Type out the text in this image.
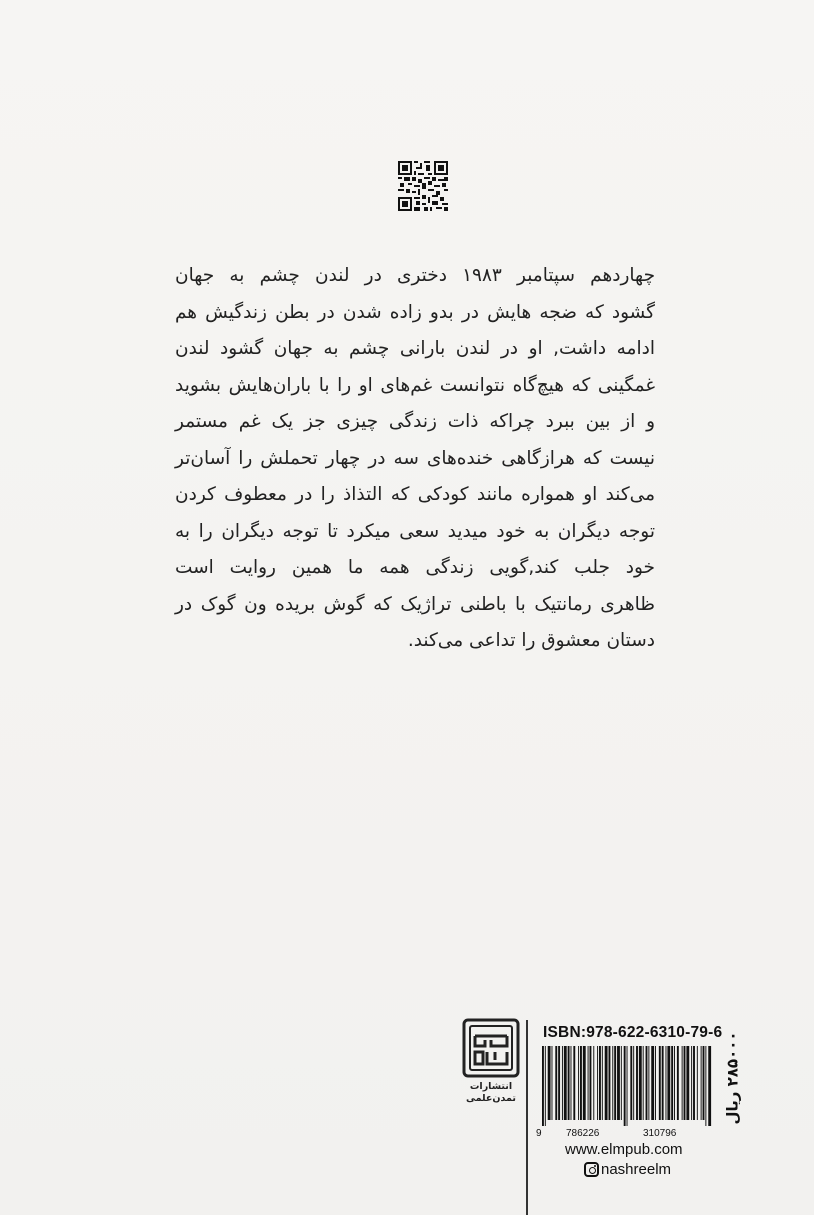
چهاردهم سپتامبر ۱۹۸۳ دختری در لندن چشم به جهان
گشود که ضجه هایش در بدو زاده شدن در بطن زندگیش هم
ادامه داشت, او در لندن بارانی چشم به جهان گشود لندن
غمگینی که هیچ‌گاه نتوانست غم‌های او را با باران‌هایش بشوید
و از بین ببرد چراکه ذات زندگی چیزی جز یک غم مستمر
نیست که هرازگاهی خنده‌های سه در چهار تحملش را آسان‌تر
می‌کند او همواره مانند کودکی که التذاذ را در معطوف کردن
توجه دیگران به خود میدید سعی میکرد تا توجه دیگران را به
خود جلب کند,گویی زندگی همه ما همین روایت است
ظاهری رمانتیک با باطنی تراژیک که گوش بریده ون گوک در
دستان معشوق را تداعی می‌کند.
انتشارات
تمدن‌علمی
ISBN:978-622-6310-79-6
9 786226	310796
۲۸۵۰۰۰ ریال
www.elmpub.com
nashreelm
